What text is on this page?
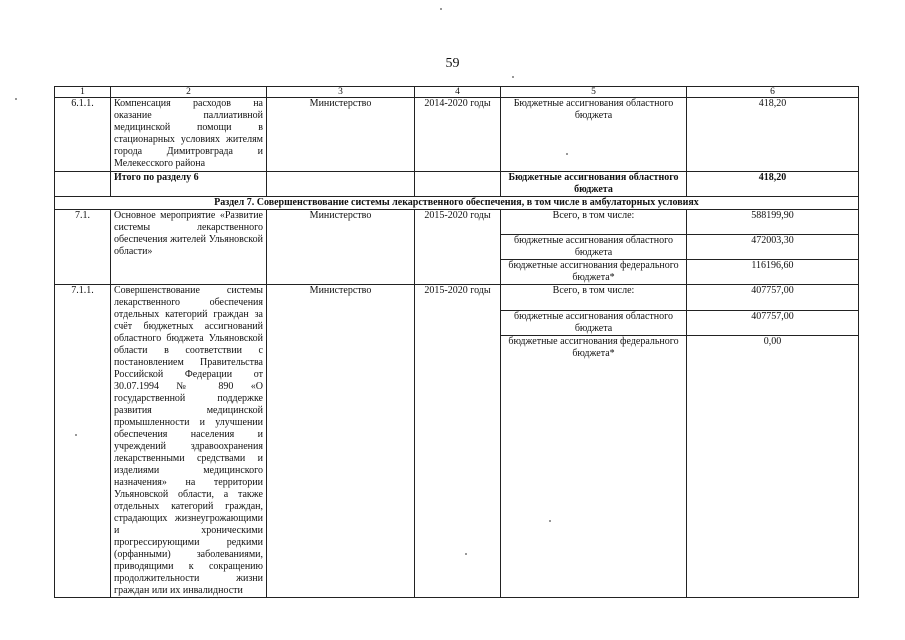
59
1	2	3	4	5	6
6.1.1.	Компенсация расходов на оказание паллиативной медицинской помощи в стационарных условиях жителям города Димитровграда и Мелекесского района	Министерство	2014-2020 годы	Бюджетные ассигнования областного бюджета	418,20
	Итого по разделу 6			Бюджетные ассигнования областного бюджета	418,20
Раздел 7. Совершенствование системы лекарственного обеспечения, в том числе в амбулаторных условиях					
7.1.	Основное мероприятие «Развитие системы лекарственного обеспечения жителей Ульяновской области»	Министерство	2015-2020 годы	Всего, в том числе:	588199,90
				бюджетные ассигнования областного бюджета	472003,30
				бюджетные ассигнования федерального бюджета*	116196,60
7.1.1.	Совершенствование системы лекарственного обеспечения отдельных категорий граждан за счёт бюджетных ассигнований областного бюджета Ульяновской области в соответствии с постановлением Правительства Российской Федерации от 30.07.1994 № 890 «О государственной поддержке развития медицинской промышленности и улучшении обеспечения населения и учреждений здравоохранения лекарственными средствами и изделиями медицинского назначения» на территории Ульяновской области, а также отдельных категорий граждан, страдающих жизнеугрожающими и хроническими прогрессирующими редкими (орфанными) заболеваниями, приводящими к сокращению продолжительности жизни граждан или их инвалидности	Министерство	2015-2020 годы	Всего, в том числе:	407757,00
				бюджетные ассигнования областного бюджета	407757,00
				бюджетные ассигнования федерального бюджета*	0,00
